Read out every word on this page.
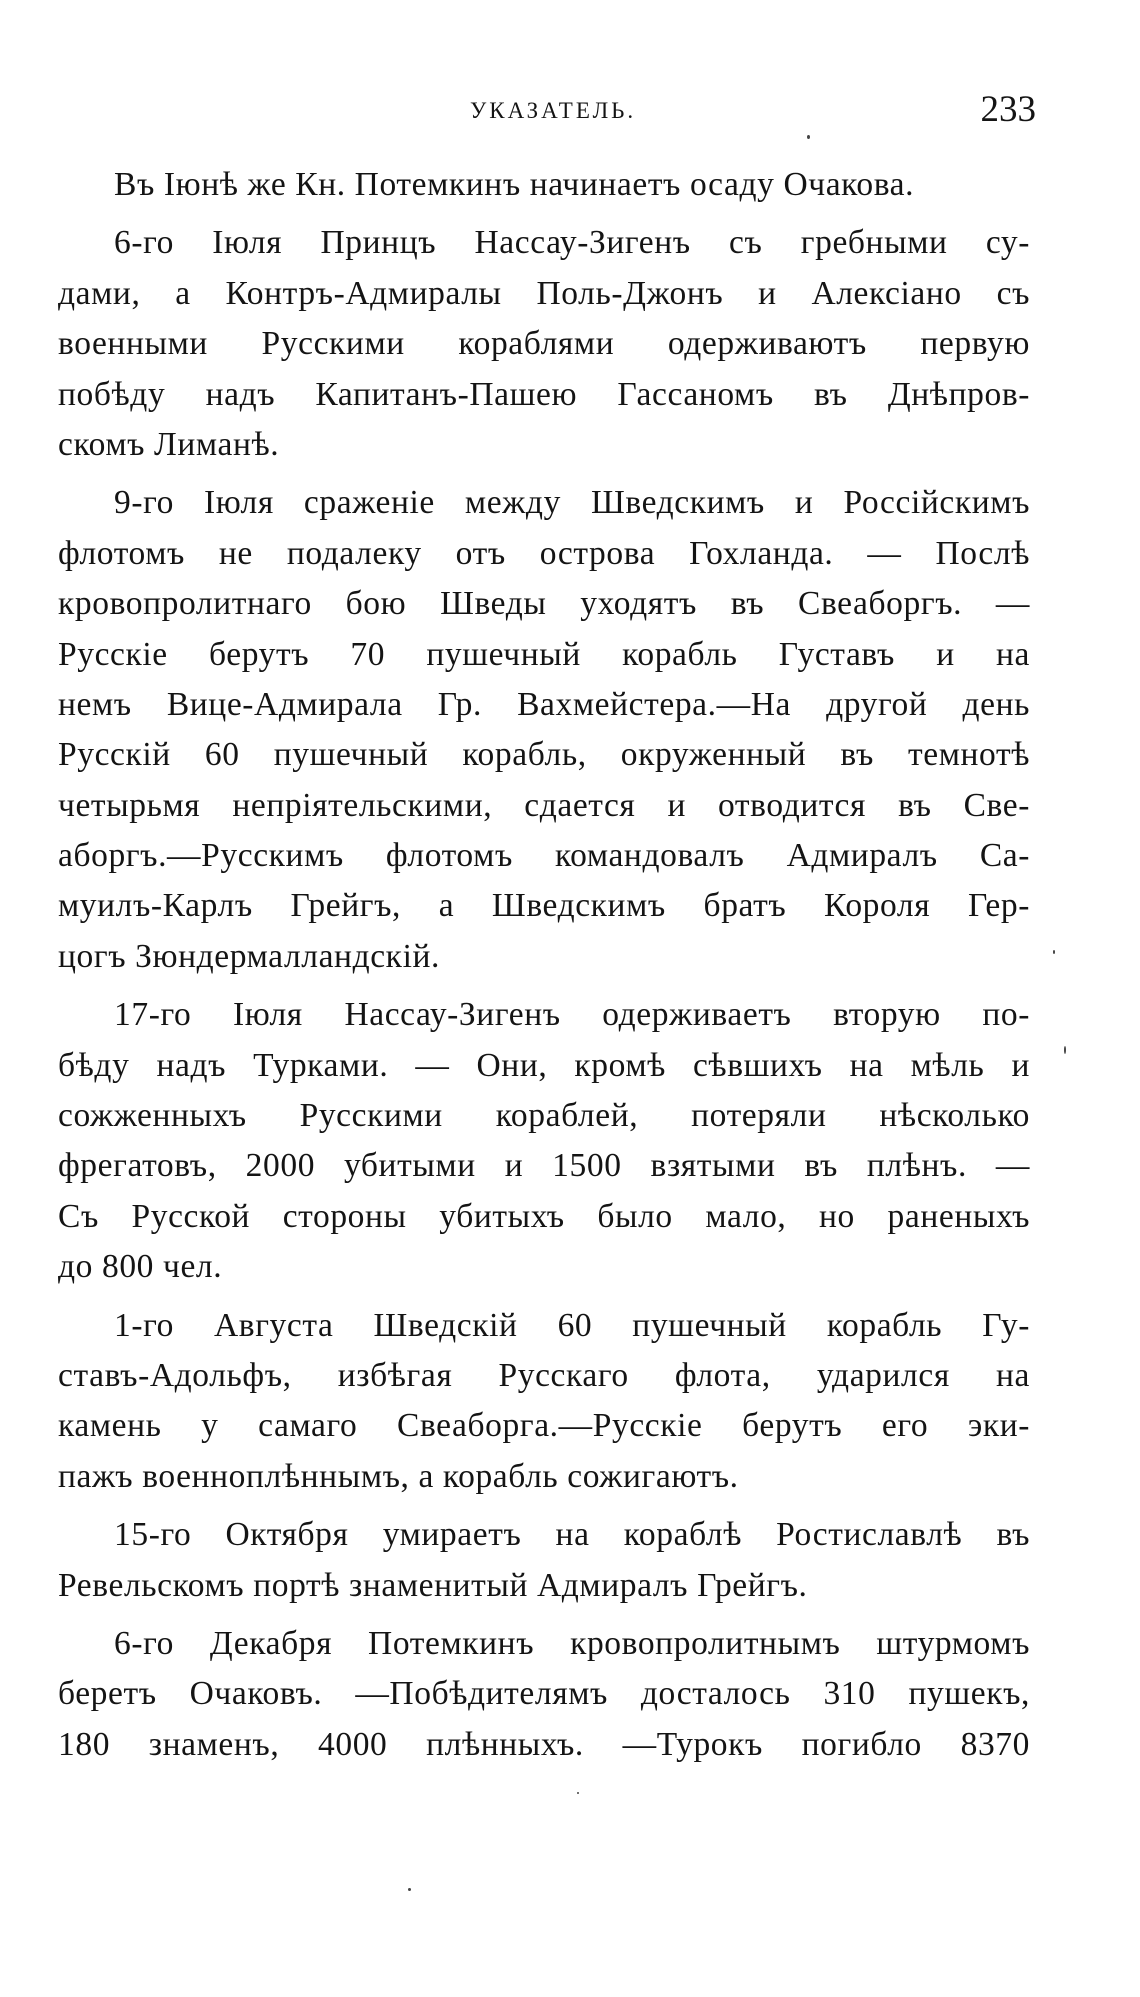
УКАЗАТЕЛЬ.	233
Въ Іюнѣ же Кн. Потемкинъ начинаетъ осаду Очакова.
6-го Іюля Принцъ Нассау-Зигенъ съ гребными су-
дами, а Контръ-Адмиралы Поль-Джонъ и Алексіано съ
военными Русскими кораблями одерживаютъ первую
побѣду надъ Капитанъ-Пашею Гассаномъ въ Днѣпров-
скомъ Лиманѣ.
9-го Іюля сраженіе между Шведскимъ и Россійскимъ
флотомъ не подалеку отъ острова Гохланда. — Послѣ
кровопролитнаго бою Шведы уходятъ въ Свеаборгъ. —
Русскіе берутъ 70 пушечный корабль Густавъ и на
немъ Вице-Адмирала Гр. Вахмейстера.—На другой день
Русскій 60 пушечный корабль, окруженный въ темнотѣ
четырьмя непріятельскими, сдается и отводится въ Све-
аборгъ.—Русскимъ флотомъ командовалъ Адмиралъ Са-
муилъ-Карлъ Грейгъ, а Шведскимъ братъ Короля Гер-
цогъ Зюндермалландскій.
17-го Іюля Нассау-Зигенъ одерживаетъ вторую по-
бѣду надъ Турками. — Они, кромѣ сѣвшихъ на мѣль и
сожженныхъ Русскими кораблей, потеряли нѣсколько
фрегатовъ, 2000 убитыми и 1500 взятыми въ плѣнъ. —
Съ Русской стороны убитыхъ было мало, но раненыхъ
до 800 чел.
1-го Августа Шведскій 60 пушечный корабль Гу-
ставъ-Адольфъ, избѣгая Русскаго флота, ударился на
камень у самаго Свеаборга.—Русскіе берутъ его эки-
пажъ военноплѣннымъ, а корабль сожигаютъ.
15-го Октября умираетъ на кораблѣ Ростиславлѣ въ
Ревельскомъ портѣ знаменитый Адмиралъ Грейгъ.
6-го Декабря Потемкинъ кровопролитнымъ штурмомъ
беретъ Очаковъ. —Побѣдителямъ досталось 310 пушекъ,
180 знаменъ, 4000 плѣнныхъ. —Турокъ погибло 8370
